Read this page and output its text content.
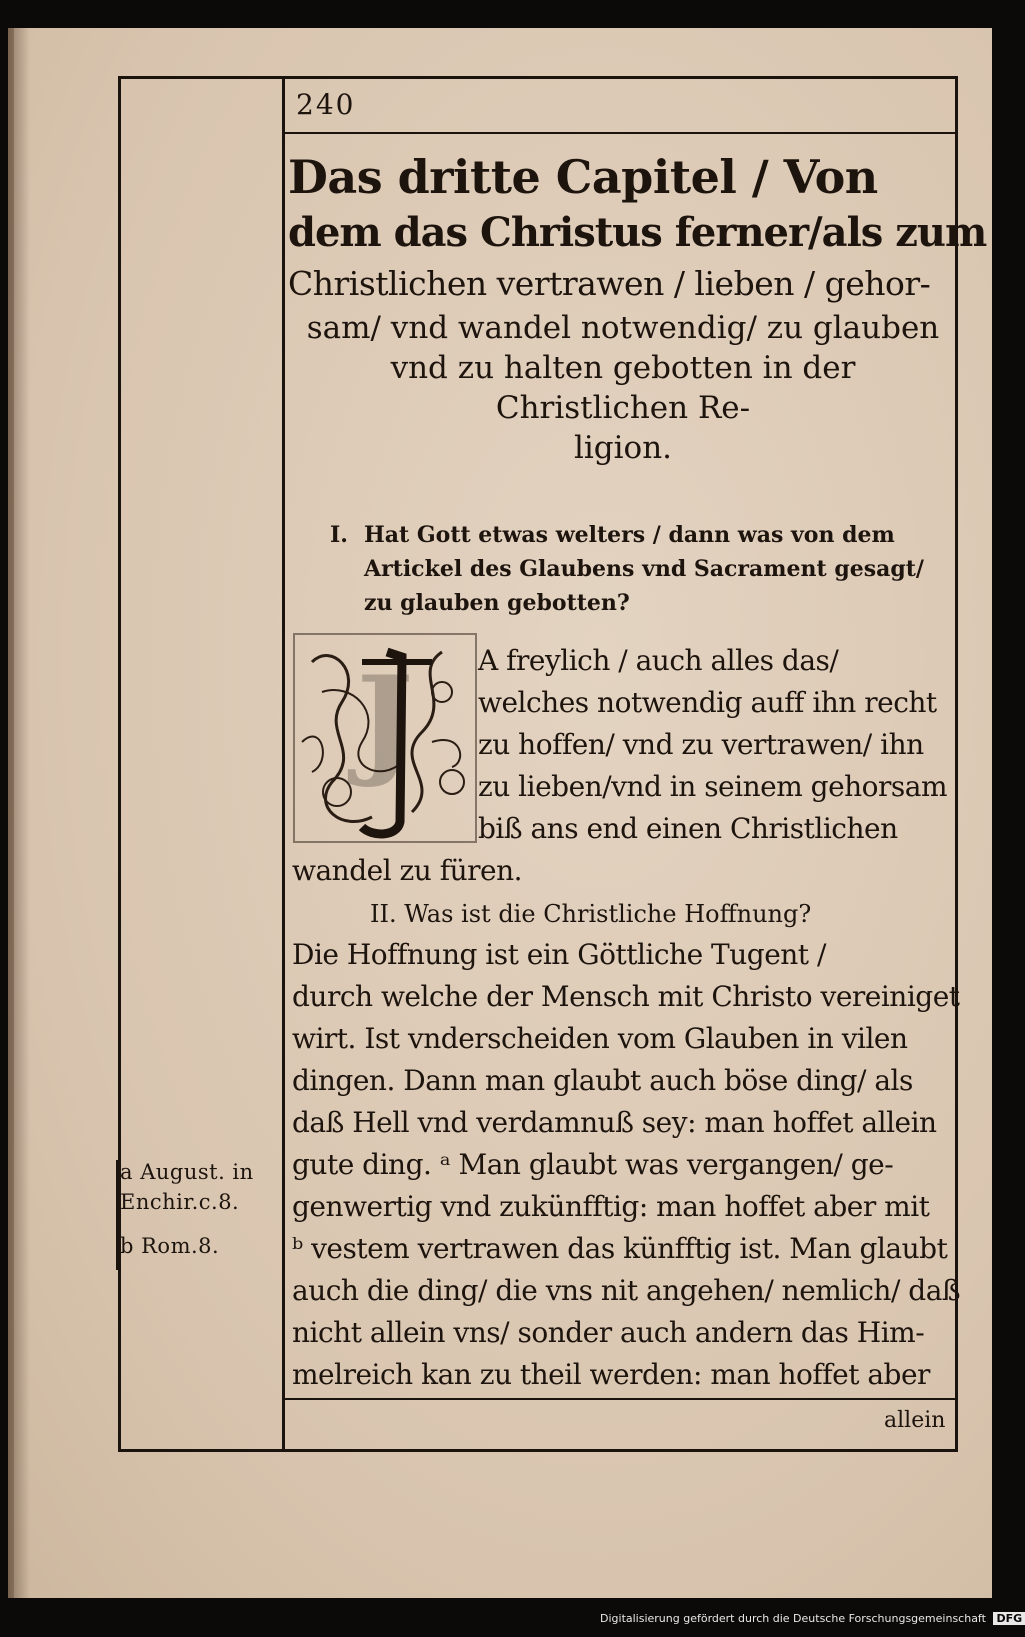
240
Das dritte Capitel / Von
dem das Christus ferner/als zum
Christlichen vertrawen / lieben / gehor-
sam/ vnd wandel notwendig/ zu glauben
vnd zu halten gebotten in der
Christlichen Re-
ligion.
I. Hat Gott etwas welters / dann was von dem Artickel des Glaubens vnd Sacrament gesagt/ zu glauben gebotten?
J A freylich / auch alles das/
welches notwendig auff ihn recht
zu hoffen/ vnd zu vertrawen/ ihn
zu lieben/vnd in seinem gehorsam
biß ans end einen Christlichen
wandel zu füren.
II. Was ist die Christliche Hoffnung?
Die Hoffnung ist ein Göttliche Tugent /
durch welche der Mensch mit Christo vereiniget
wirt. Ist vnderscheiden vom Glauben in vilen
dingen. Dann man glaubt auch böse ding/ als
daß Hell vnd verdamnuß sey: man hoffet allein
gute ding. ᵃ Man glaubt was vergangen/ ge-
genwertig vnd zukünfftig: man hoffet aber mit
ᵇ vestem vertrawen das künfftig ist. Man glaubt
auch die ding/ die vns nit angehen/ nemlich/ daß
nicht allein vns/ sonder auch andern das Him-
melreich kan zu theil werden: man hoffet aber
a August. in
Enchir.c.8.
b Rom.8.
allein
Digitalisierung gefördert durch die Deutsche Forschungsgemeinschaft DFG
